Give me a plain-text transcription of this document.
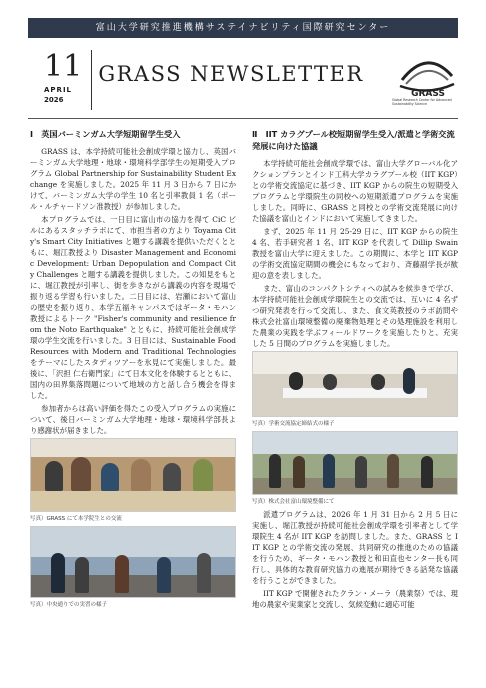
富山大学研究推進機構サステイナビリティ国際研究センター
11
APRIL
2026
GRASS NEWSLETTER
GRASS
Global Research Center for Advanced Sustainability Science
Ⅰ　英国バーミンガム大学短期留学生受入

GRASS は、本学持続可能社会創成学環と協力し、英国バーミンガム大学地理・地球・環境科学部学生の短期受入プログラム Global Partnership for Sustainability Student Exchange を実施しました。2025 年 11 月 3 日から 7 日にかけて、バーミンガム大学の学生 10 名と引率教員 1 名（ポール・ルチャードソン准教授）が参加しました。

本プログラムでは、一日目に富山市の協力を得て CiC ビルにあるスタッチラボにて、市担当者の方より Toyama City's Smart City Initiatives と題する講義を提供いただくとともに、堀江教授より Disaster Management and Economic Development: Urban Depopulation and Compact City Challenges と題する講義を提供しました。この知見をもとに、堀江教授が引率し、街を歩きながら講義の内容を現場で振り返る学習も行いました。二日目には、岩瀬において富山の歴史を振り返り、本学五福キャンパスではギータ・モハン教授によるトーク "Fisher's community and resilience from the Noto Earthquake" とともに、持続可能社会創成学環の学生交流を行いました。3 日目には、Sustainable Food Resources with Modern and Traditional Technologies をテーマにしたスタディツアーを氷見にて実施しました。最後に、「沢担 仁右衛門家」にて日本文化を体験するとともに、国内の田界集落問題について地域の方と話し合う機会を得ました。

参加者からは高い評価を得たこの受入プログラムの実施について、後日バーミンガム大学地理・地球・環境科学部長より感謝状が届きました。

写真）GRASS にて本学院生との交流
写真）中央通りでの実習の様子
Ⅱ　IIT カラグプール校短期留学生受入/派遣と学術交流発展に向けた協議

本学持続可能社会創成学環では、富山大学グローバル化アクションプランとインド工科大学カラグプール校（IIT KGP）との学術交流協定に基づき、IIT KGP からの院生の短期受入プログラムと学環院生の同校への短期派遣プログラムを実施しました。同時に、GRASS と同校との学術交流発展に向けた協議を富山とインドにおいて実施してきました。

まず、2025 年 11 月 25-29 日に、IIT KGP からの院生 4 名、若手研究者 1 名、IIT KGP を代表して Dillip Swain 教授を富山大学に迎えました。この期間に、本学と IIT KGP の学術交流協定期間の機会にもなっており、斉藤副学長が歓迎の意を表しました。

また、富山のコンパクトシティへの試みを候歩きで学び、本学持続可能社会創成学環院生との交流では、互いに 4 名ずつ研究発表を行って交流し、また、食文英教授のラボ訪問や株式会社富山環境整備の廃棄物処理とその処理施設を利用した農業の実践を学ぶフィールドワークを実施したりと、充実した 5 日間のプログラムを実施しました。

写真）学術交流協定締結式の様子
写真）株式会社富山環境整備にて

派遣プログラムは、2026 年 1 月 31 日から 2 月 5 日に実施し、堀江教授が持続可能社会創成学環を引率者として学環院生 4 名が IIT KGP を訪問しました。また、GRASS と IIT KGP との学術交流の発展、共同研究の推進のための協議を行うため、ギータ・モハン教授と和田直也センター長も同行し、具体的な教育研究協力の進展が期待できる話発な協議を行うことができました。

IIT KGP で開催されたクラン・メーラ（農業祭）では、現地の農家や実業家と交流し、気候変動に適応可能
